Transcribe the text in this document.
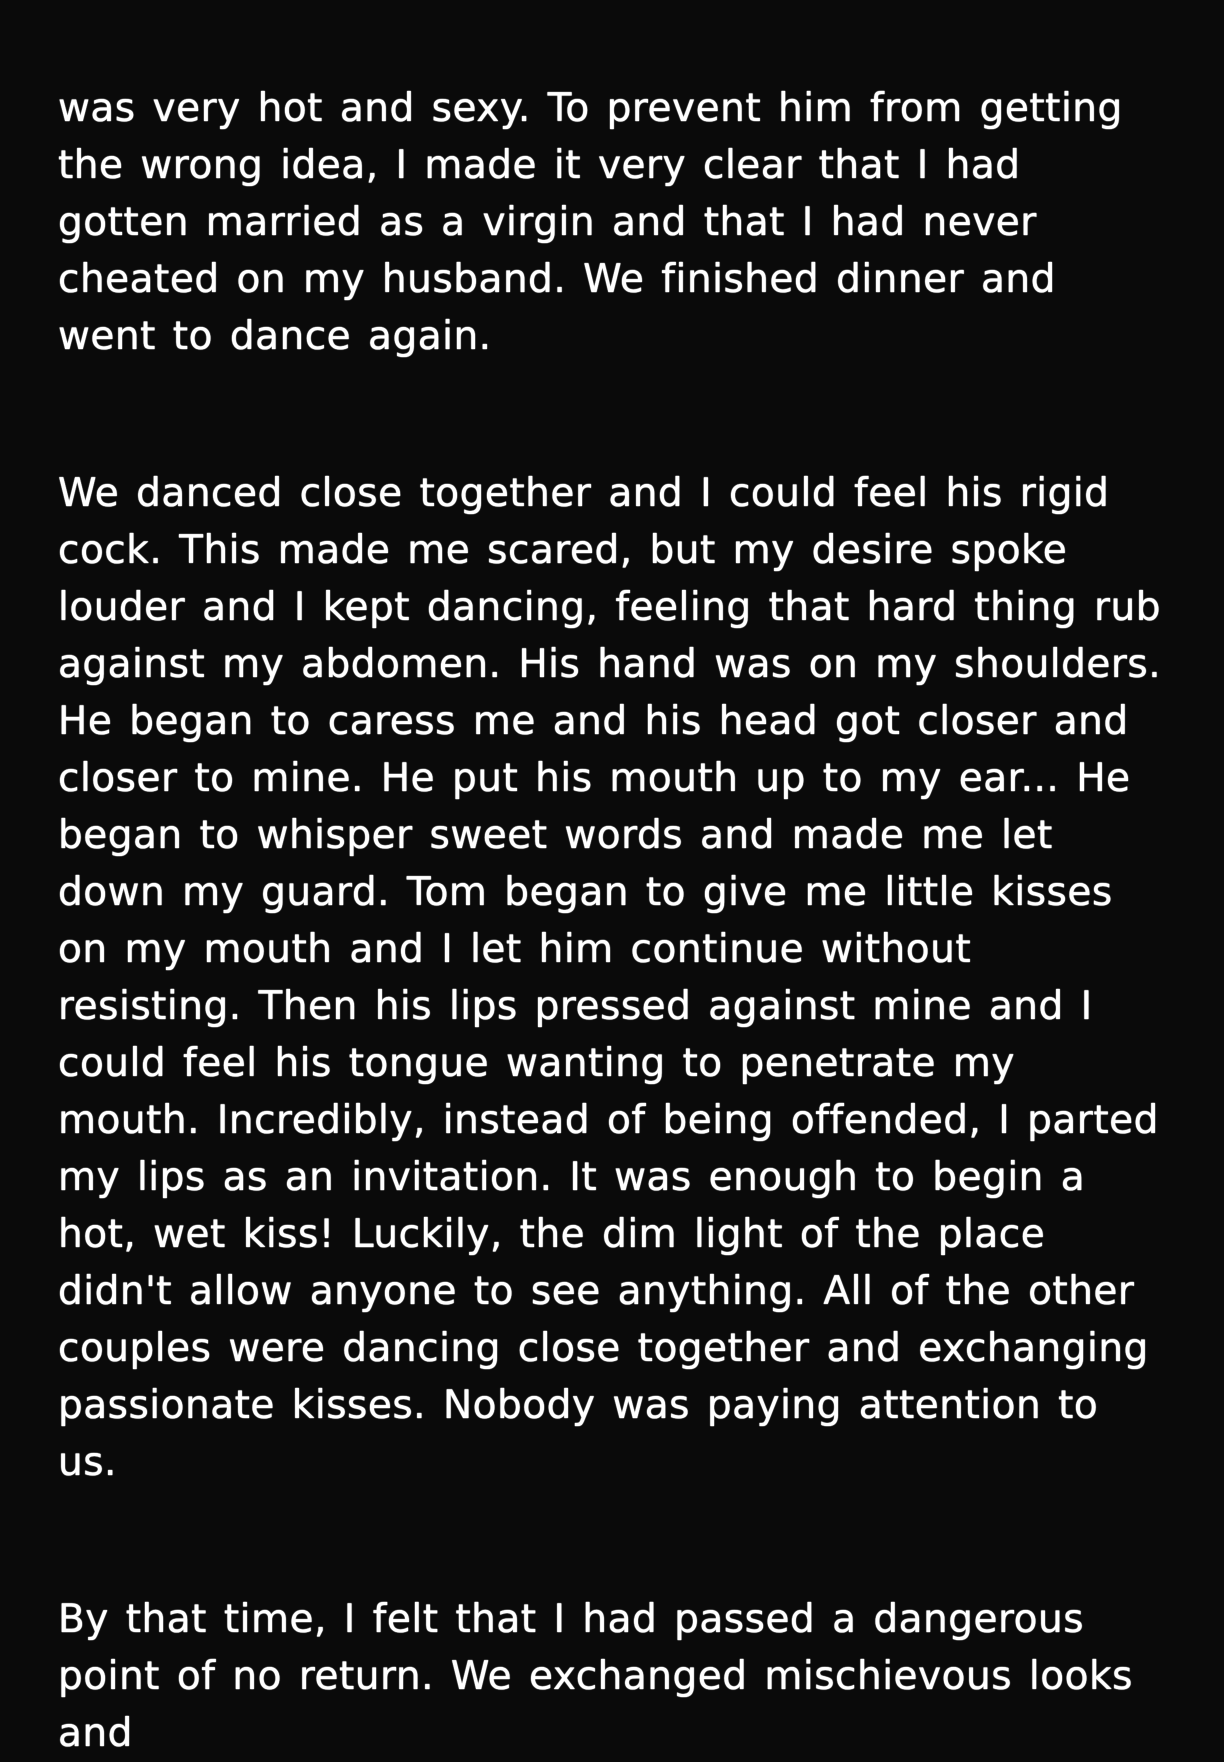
was very hot and sexy. To prevent him from getting the wrong idea, I made it very clear that I had gotten married as a virgin and that I had never cheated on my husband. We finished dinner and went to dance again.

We danced close together and I could feel his rigid cock. This made me scared, but my desire spoke louder and I kept dancing, feeling that hard thing rub against my abdomen. His hand was on my shoulders. He began to caress me and his head got closer and closer to mine. He put his mouth up to my ear... He began to whisper sweet words and made me let down my guard. Tom began to give me little kisses on my mouth and I let him continue without resisting. Then his lips pressed against mine and I could feel his tongue wanting to penetrate my mouth. Incredibly, instead of being offended, I parted my lips as an invitation. It was enough to begin a hot, wet kiss! Luckily, the dim light of the place didn't allow anyone to see anything. All of the other couples were dancing close together and exchanging passionate kisses. Nobody was paying attention to us.

By that time, I felt that I had passed a dangerous point of no return. We exchanged mischievous looks and
